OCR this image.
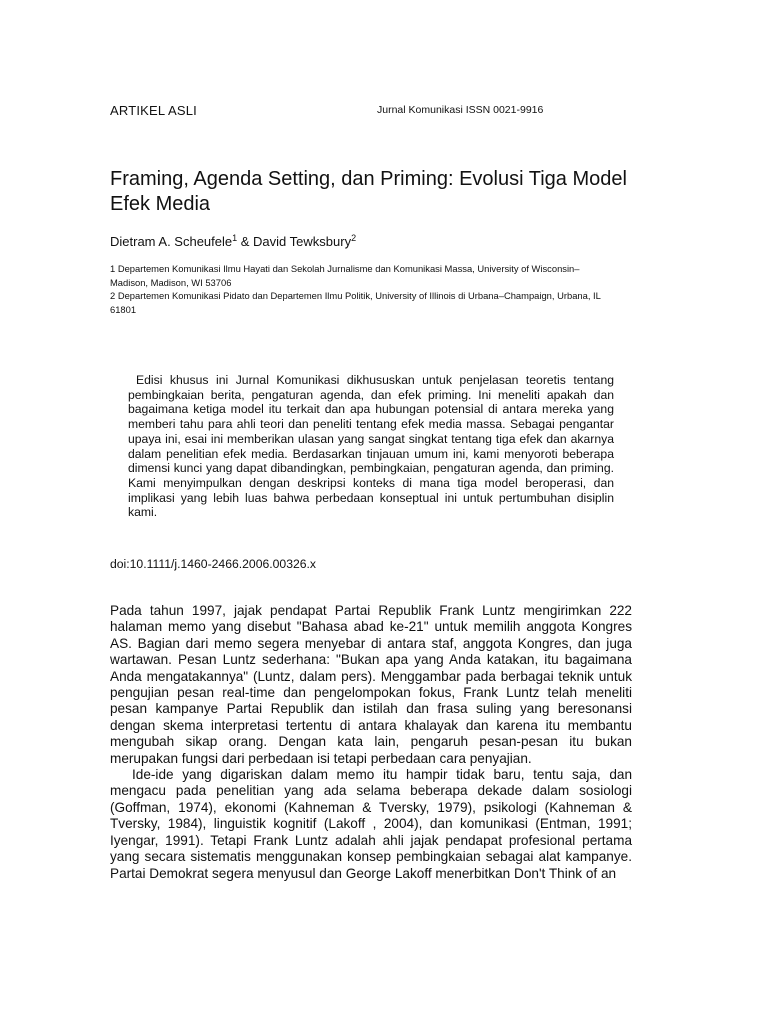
ARTIKEL ASLI	Jurnal Komunikasi ISSN 0021-9916
Framing, Agenda Setting, dan Priming: Evolusi Tiga Model Efek Media
Dietram A. Scheufele$^1$ & David Tewksbury$^2$

1 Departemen Komunikasi Ilmu Hayati dan Sekolah Jurnalisme dan Komunikasi Massa, University of Wisconsin–Madison, Madison, WI 53706

2 Departemen Komunikasi Pidato dan Departemen Ilmu Politik, University of Illinois di Urbana–Champaign, Urbana, IL 61801

Edisi khusus ini Jurnal Komunikasi dikhususkan untuk penjelasan teoretis tentang pembingkaian berita, pengaturan agenda, dan efek priming. Ini meneliti apakah dan bagaimana ketiga model itu terkait dan apa hubungan potensial di antara mereka yang memberi tahu para ahli teori dan peneliti tentang efek media massa. Sebagai pengantar upaya ini, esai ini memberikan ulasan yang sangat singkat tentang tiga efek dan akarnya dalam penelitian efek media. Berdasarkan tinjauan umum ini, kami menyoroti beberapa dimensi kunci yang dapat dibandingkan, pembingkaian, pengaturan agenda, dan priming. Kami menyimpulkan dengan deskripsi konteks di mana tiga model beroperasi, dan implikasi yang lebih luas bahwa perbedaan konseptual ini untuk pertumbuhan disiplin kami.

doi:10.1111/j.1460-2466.2006.00326.x

Pada tahun 1997, jajak pendapat Partai Republik Frank Luntz mengirimkan 222 halaman memo yang disebut "Bahasa abad ke-21" untuk memilih anggota Kongres AS. Bagian dari memo segera menyebar di antara staf, anggota Kongres, dan juga wartawan. Pesan Luntz sederhana: "Bukan apa yang Anda katakan, itu bagaimana Anda mengatakannya" (Luntz, dalam pers). Menggambar pada berbagai teknik untuk pengujian pesan real-time dan pengelompokan fokus, Frank Luntz telah meneliti pesan kampanye Partai Republik dan istilah dan frasa suling yang beresonansi dengan skema interpretasi tertentu di antara khalayak dan karena itu membantu mengubah sikap orang. Dengan kata lain, pengaruh pesan-pesan itu bukan merupakan fungsi dari perbedaan isi tetapi perbedaan cara penyajian.

Ide-ide yang digariskan dalam memo itu hampir tidak baru, tentu saja, dan mengacu pada penelitian yang ada selama beberapa dekade dalam sosiologi (Goffman, 1974), ekonomi (Kahneman & Tversky, 1979), psikologi (Kahneman & Tversky, 1984), linguistik kognitif (Lakoff , 2004), dan komunikasi (Entman, 1991; Iyengar, 1991). Tetapi Frank Luntz adalah ahli jajak pendapat profesional pertama yang secara sistematis menggunakan konsep pembingkaian sebagai alat kampanye. Partai Demokrat segera menyusul dan George Lakoff menerbitkan Don't Think of an
